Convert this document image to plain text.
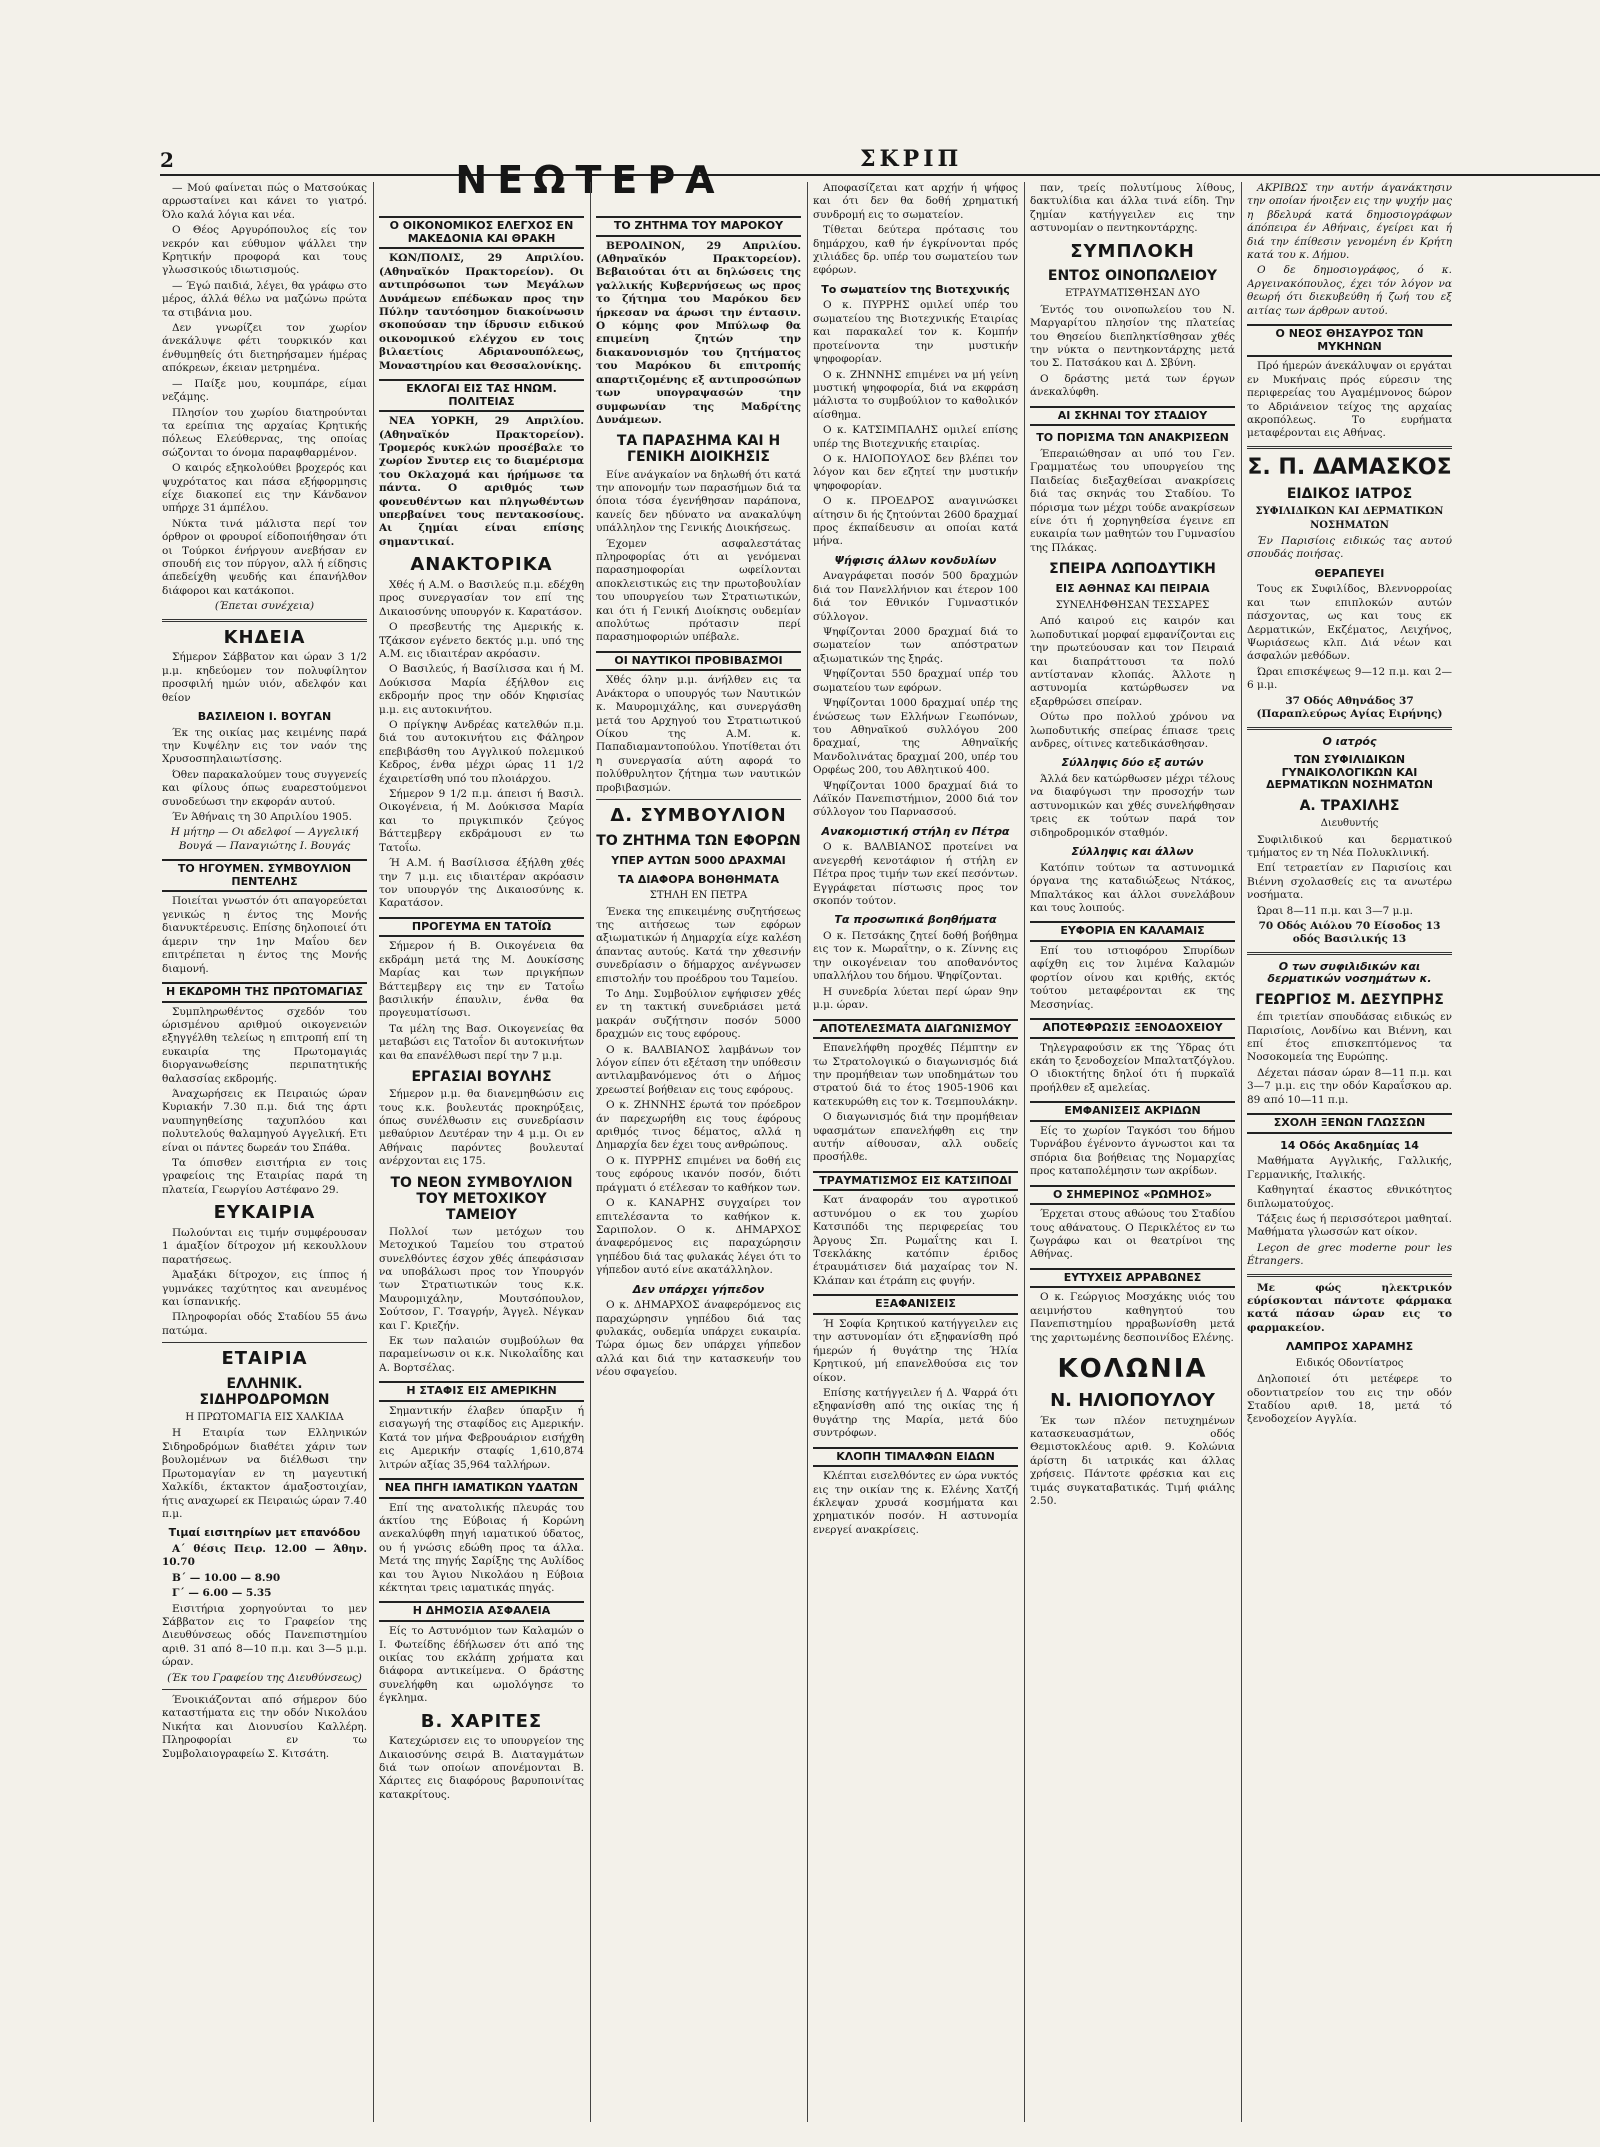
2	ΣΚΡΙΠ
ΝΕΩΤΕΡΑ

— Μού φαίνεται πώς ο Ματσούκας αρρωσταίνει και κάνει το γιατρό. Όλο καλά λόγια και νέα.

Ο Θέος Αργυρόπουλος είς τον νεκρόν και εύθυμον ψάλλει την Κρητικήν προφορά και τους γλωσσικούς ιδιωτισμούς.

— Έγώ παιδιά, λέγει, θα γράφω στο μέρος, άλλά θέλω να μαζώνω πρώτα τα στιβάνια μου.

Δεν γνωρίζει τον χωρίον άνεκάλυψε φέτι τουρκικόν και ένθυμηθείς ότι διετηρήσαμεν ήμέρας απόκρεων, έκειαν μετρημένα.

— Παίξε μου, κουμπάρε, είμαι νεζάμης.

Πλησίον του χωρίου διατηρούνται τα ερείπια της αρχαίας Κρητικής πόλεως Ελεύθερνας, της οποίας σώζονται το όνομα παραφθαρμένον.

Ο καιρός εξηκολούθει βροχερός και ψυχρότατος και πάσα εξήφορμησις είχε διακοπεί εις την Κάνδανον υπήρχε 31 άμπέλου.

Νύκτα τινά μάλιστα περί τον όρθρον οι φρουροί είδοποιήθησαν ότι οι Τούρκοι ένήργουν ανεβήσαν εν σπουδή εις τον πύργον, αλλ ή είδησις άπεδείχθη ψευδής και έπανήλθον διάφοροι και κατάκοποι.

(Έπεται συνέχεια)

ΚΗΔΕΙΑ

Σήμερον Σάββατον και ώραν 3 1/2 μ.μ. κηδεύομεν τον πολυφίλητον προσφιλή ημών υιόν, αδελφόν και θείον

ΒΑΣΙΛΕΙΟΝ Ι. ΒΟΥΓΑΝ

Έκ της οικίας μας κειμένης παρά την Κυψέλην εις τον ναόν της Χρυσοσπηλαιωτίσσης.

Όθεν παρακαλούμεν τους συγγενείς και φίλους όπως ευαρεστούμενοι συνοδεύωσι την εκφοράν αυτού.

Έν Άθήναις τη 30 Απριλίου 1905.

Η μήτηρ — Οι αδελφοί — Αγγελική Βουγά — Παναγιώτης Ι. Βουγάς

ΤΟ ΗΓΟΥΜΕΝ. ΣΥΜΒΟΥΛΙΟΝ ΠΕΝΤΕΛΗΣ

Ποιείται γνωστόν ότι απαγορεύεται γενικώς η έντος της Μονής διανυκτέρευσις. Επίσης δηλοποιεί ότι άμεριν την 1ην Μαΐου δεν επιτρέπεται η έντος της Μονής διαμονή.

Η ΕΚΔΡΟΜΗ ΤΗΣ ΠΡΩΤΟΜΑΓΙΑΣ

Συμπληρωθέντος σχεδόν του ώρισμένου αριθμού οικογενειών εξηγγέλθη τελείως η επιτροπή επί τη ευκαιρία της Πρωτομαγιάς διοργανωθείσης περιπατητικής θαλασσίας εκδρομής.

Άναχωρήσεις εκ Πειραιώς ώραν Κυριακήν 7.30 π.μ. διά της άρτι ναυπηγηθείσης ταχυπλόου και πολυτελούς θαλαμηγού Αγγελική. Ετι είναι οι πάντες δωρεάν του Σπάθα.

Τα όπισθεν εισιτήρια εν τοις γραφείοις της Εταιρίας παρά τη πλατεία, Γεωργίου Αστέφανο 29.

ΕΥΚΑΙΡΙΑ

Πωλούνται εις τιμήν συμφέρουσαν 1 άμαξίον δίτροχον μή κεκουλλουν παρατήσεως.

Άμαξάκι δίτροχον, εις ίππος ή γυμνάκες ταχύτητος και ανευμένος και ίσπανικής.

Πληροφορίαι οδός Σταδίου 55 άνω πατώμα.

ΕΤΑΙΡΙΑ
ΕΛΛΗΝΙΚ. ΣΙΔΗΡΟΔΡΟΜΩΝ
Η ΠΡΩΤΟΜΑΓΙΑ ΕΙΣ ΧΑΛΚΙΔΑ

Η Εταιρία των Ελληνικών Σιδηροδρόμων διαθέτει χάριν των βουλομένων να διέλθωσι την Πρωτομαγίαν εν τη μαγευτική Χαλκίδι, έκτακτον άμαξοστοιχίαν, ήτις αναχωρεί εκ Πειραιώς ώραν 7.40 π.μ.

Τιμαί εισιτηρίων μετ επανόδου

Α΄ θέσις Πειρ. 12.00 — Άθην. 10.70

Β΄ — 10.00 — 8.90

Γ΄ — 6.00 — 5.35

Εισιτήρια χορηγούνται το μεν Σάββατον εις το Γραφείον της Διευθύνσεως οδός Πανεπιστημίου αριθ. 31 από 8—10 π.μ. και 3—5 μ.μ. ώραν.

(Έκ του Γραφείου της Διευθύνσεως)

Ένοικιάζονται από σήμερον δύο καταστήματα εις την οδόν Νικολάου Νικήτα και Διονυσίου Καλλέρη. Πληροφορίαι εν τω Συμβολαιογραφείω Σ. Κιτσάτη.

Ο ΟΙΚΟΝΟΜΙΚΟΣ ΕΛΕΓΧΟΣ ΕΝ ΜΑΚΕΔΟΝΙΑ ΚΑΙ ΘΡΑΚΗ

ΚΩΝ/ΠΟΛΙΣ, 29 Απριλίου. (Αθηναϊκόν Πρακτορείον). Οι αντιπρόσωποι των Μεγάλων Δυνάμεων επέδωκαν προς την Πύλην ταυτόσημον διακοίνωσιν σκοπούσαν την ίδρυσιν ειδικού οικονομικού ελέγχου εν τοις βιλαετίοις Αδριανουπόλεως, Μοναστηρίου και Θεσσαλονίκης.

ΕΚΛΟΓΑΙ ΕΙΣ ΤΑΣ ΗΝΩΜ. ΠΟΛΙΤΕΙΑΣ

ΝΕΑ ΥΟΡΚΗ, 29 Απριλίου. (Αθηναϊκόν Πρακτορείον). Τρομερός κυκλών προσέβαλε το χωρίον Σνυτερ εις το διαμέρισμα του Οκλαχομά και ήρήμωσε τα πάντα. Ο αριθμός των φονευθέντων και πληγωθέντων υπερβαίνει τους πεντακοσίους. Αι ζημίαι είναι επίσης σημαντικαί.

ΑΝΑΚΤΟΡΙΚΑ

Χθές ή Α.Μ. ο Βασιλεύς π.μ. εδέχθη προς συνεργασίαν τον επί της Δικαιοσύνης υπουργόν κ. Καρατάσον.

Ο πρεσβευτής της Αμερικής κ. Τζάκσον εγένετο δεκτός μ.μ. υπό της Α.Μ. εις ιδιαιτέραν ακρόασιν.

Ο Βασιλεύς, ή Βασίλισσα και ή Μ. Δούκισσα Μαρία έξήλθον εις εκδρομήν προς την οδόν Κηφισίας μ.μ. εις αυτοκινήτου.

Ο πρίγκηψ Ανδρέας κατελθών π.μ. διά του αυτοκινήτου εις Φάληρον επεβιβάσθη του Αγγλικού πολεμικού Κεδρος, ένθα μέχρι ώρας 11 1/2 έχαιρετίσθη υπό του πλοιάρχου.

Σήμερον 9 1/2 π.μ. άπεισι ή Βασιλ. Οικογένεια, ή Μ. Δούκισσα Μαρία και το πριγκιπικόν ζεύγος Βάττεμβεργ εκδράμουσι εν τω Τατοΐω.

Ή Α.Μ. ή Βασίλισσα έξήλθη χθές την 7 μ.μ. εις ιδιαιτέραν ακρόασιν τον υπουργόν της Δικαιοσύνης κ. Καρατάσον.

ΠΡΟΓΕΥΜΑ ΕΝ ΤΑΤΟΪΩ

Σήμερον ή Β. Οικογένεια θα εκδράμη μετά της Μ. Δουκίσσης Μαρίας και των πριγκήπων Βάττεμβεργ εις την εν Τατοΐω βασιλικήν έπαυλιν, ένθα θα προγευματίσωσι.

Τα μέλη της Βασ. Οικογενείας θα μεταβώσι εις Τατοΐον δι αυτοκινήτων και θα επανέλθωσι περί την 7 μ.μ.

ΕΡΓΑΣΙΑΙ ΒΟΥΛΗΣ

Σήμερον μ.μ. θα διανεμηθώσιν εις τους κ.κ. βουλευτάς προκηρύξεις, όπως συνέλθωσιν εις συνεδρίασιν μεθαύριον Δευτέραν την 4 μ.μ. Οι εν Αθήναις παρόντες βουλευταί ανέρχονται εις 175.

ΤΟ ΝΕΟΝ ΣΥΜΒΟΥΛΙΟΝ ΤΟΥ ΜΕΤΟΧΙΚΟΥ ΤΑΜΕΙΟΥ

Πολλοί των μετόχων του Μετοχικού Ταμείου του στρατού συνελθόντες έσχον χθές άπεφάσισαν να υποβάλωσι προς τον Υπουργόν των Στρατιωτικών τους κ.κ. Μαυρομιχάλην, Μουτσόπουλον, Σούτσον, Γ. Τσαγρήν, Άγγελ. Νέγκαν και Γ. Κριεζήν.

Εκ των παλαιών συμβούλων θα παραμείνωσιν οι κ.κ. Νικολαΐδης και Α. Βορτσέλας.

Η ΣΤΑΦΙΣ ΕΙΣ ΑΜΕΡΙΚΗΝ

Σημαντικήν έλαβεν ύπαρξιν ή εισαγωγή της σταφίδος εις Αμερικήν. Κατά τον μήνα Φεβρουάριον εισήχθη εις Αμερικήν σταφίς 1,610,874 λιτρών αξίας 35,964 ταλλήρων.

ΝΕΑ ΠΗΓΗ ΙΑΜΑΤΙΚΩΝ ΥΔΑΤΩΝ

Επί της ανατολικής πλευράς του άκτίου της Εύβοιας ή Κορώνη ανεκαλύφθη πηγή ιαματικού ύδατος, ου ή γνώσις εδώθη προς τα άλλα. Μετά της πηγής Σαρίξης της Αυλίδος και του Άγιου Νικολάου η Εύβοια κέκτηται τρεις ιαματικάς πηγάς.

Η ΔΗΜΟΣΙΑ ΑΣΦΑΛΕΙΑ

Είς το Αστυνόμιον των Καλαμών ο Ι. Φωτείδης έδήλωσεν ότι από της οικίας του εκλάπη χρήματα και διάφορα αντικείμενα. Ο δράστης συνελήφθη και ωμολόγησε το έγκλημα.

Β. ΧΑΡΙΤΕΣ

Κατεχώρισεν εις το υπουργείον της Δικαιοσύνης σειρά Β. Διαταγμάτων διά των οποίων απονέμονται Β. Χάριτες εις διαφόρους βαρυποινίτας κατακρίτους.

ΤΟ ΖΗΤΗΜΑ ΤΟΥ ΜΑΡΟΚΟΥ

ΒΕΡΟΛΙΝΟΝ, 29 Απριλίου. (Αθηναϊκόν Πρακτορείον). Βεβαιούται ότι αι δηλώσεις της γαλλικής Κυβερνήσεως ως προς το ζήτημα του Μαρόκου δεν ήρκεσαν να άρωσι την έντασιν. Ο κόμης φον Μπύλωφ θα επιμείνη ζητών την διακανονισμόν του ζητήματος του Μαρόκου δι επιτροπής απαρτιζομένης εξ αντιπροσώπων των υπογραψασών την συμφωνίαν της Μαδρίτης Δυνάμεων.

ΤΑ ΠΑΡΑΣΗΜΑ ΚΑΙ Η ΓΕΝΙΚΗ ΔΙΟΙΚΗΣΙΣ

Είνε ανάγκαίον να δηλωθή ότι κατά την απονομήν των παρασήμων διά τα όποια τόσα έγενήθησαν παράπονα, κανείς δεν ηδύνατο να ανακαλύψη υπάλληλον της Γενικής Διοικήσεως.

Έχομεν ασφαλεστάτας πληροφορίας ότι αι γενόμεναι παρασημοφορίαι ωφείλονται αποκλειστικώς εις την πρωτοβουλίαν του υπουργείου των Στρατιωτικών, και ότι ή Γενική Διοίκησις ουδεμίαν απολύτως πρότασιν περί παρασημοφοριών υπέβαλε.

ΟΙ ΝΑΥΤΙΚΟΙ ΠΡΟΒΙΒΑΣΜΟΙ

Χθές όλην μ.μ. άνήλθεν εις τα Ανάκτορα ο υπουργός των Ναυτικών κ. Μαυρομιχάλης, και συνεργάσθη μετά του Αρχηγού του Στρατιωτικού Οίκου της Α.Μ. κ. Παπαδιαμαντοπούλου. Υποτίθεται ότι η συνεργασία αύτη αφορά το πολύθρυλητον ζήτημα των ναυτικών προβιβασμών.

Δ. ΣΥΜΒΟΥΛΙΟΝ
ΤΟ ΖΗΤΗΜΑ ΤΩΝ ΕΦΟΡΩΝ
ΥΠΕΡ ΑΥΤΩΝ 5000 ΔΡΑΧΜΑΙ
ΤΑ ΔΙΑΦΟΡΑ ΒΟΗΘΗΜΑΤΑ
ΣΤΗΛΗ ΕΝ ΠΕΤΡΑ

Ένεκα της επικειμένης συζητήσεως της αιτήσεως των εφόρων αξιωματικών ή Δημαρχία είχε καλέση άπαντας αυτούς. Κατά την χθεσινήν συνεδρίασιν ο δήμαρχος ανέγνωσεν επιστολήν του προέδρου του Ταμείου.

Το Δημ. Συμβούλιον εψήφισεν χθές εν τη τακτική συνεδριάσει μετά μακράν συζήτησιν ποσόν 5000 δραχμών εις τους εφόρους.

Ο κ. ΒΑΛΒΙΑΝΟΣ λαμβάνων τον λόγον είπεν ότι εξέταση την υπόθεσιν αντιλαμβανόμενος ότι ο Δήμος χρεωστεί βοήθειαν εις τους εφόρους.

Ο κ. ΖΗΝΝΗΣ έρωτά τον πρόεδρον άν παρεχωρήθη εις τους έφόρους αριθμός τινος δέματος, αλλά η Δημαρχία δεν έχει τους ανθρώπους.

Ο κ. ΠΥΡΡΗΣ επιμένει να δοθή εις τους εφόρους ικανόν ποσόν, διότι πράγματι ό ετέλεσαν το καθήκον των.

Ο κ. ΚΑΝΑΡΗΣ συγχαίρει τον επιτελέσαντα το καθήκον κ. Σαριπολον. Ο κ. ΔΗΜΑΡΧΟΣ άναφερόμενος εις παραχώρησιν γηπέδου διά τας φυλακάς λέγει ότι το γήπεδον αυτό είνε ακατάλληλον.

Δεν υπάρχει γήπεδον

Ο κ. ΔΗΜΑΡΧΟΣ άναφερόμενος εις παραχώρησιν γηπέδου διά τας φυλακάς, ουδεμία υπάρχει ευκαιρία. Τώρα όμως δεν υπάρχει γήπεδον αλλά και διά την κατασκευήν του νέου σφαγείου.

Αποφασίζεται κατ αρχήν ή ψήφος και ότι δεν θα δοθή χρηματική συνδρομή εις το σωματείον.

Τίθεται δεύτερα πρότασις του δημάρχου, καθ ήν έγκρίνονται πρός χιλιάδες δρ. υπέρ του σωματείου των εφόρων.

Το σωματείον της Βιοτεχνικής

Ο κ. ΠΥΡΡΗΣ ομιλεί υπέρ του σωματείου της Βιοτεχνικής Εταιρίας και παρακαλεί τον κ. Κομπήν προτείνοντα την μυστικήν ψηφοφορίαν.

Ο κ. ΖΗΝΝΗΣ επιμένει να μή γείνη μυστική ψηφοφορία, διά να εκφράση μάλιστα το συμβούλιον το καθολικόν αίσθημα.

Ο κ. ΚΑΤΣΙΜΠΑΛΗΣ ομιλεί επίσης υπέρ της Βιοτεχνικής εταιρίας.

Ο κ. ΗΛΙΟΠΟΥΛΟΣ δεν βλέπει τον λόγον και δεν εζητεί την μυστικήν ψηφοφορίαν.

Ο κ. ΠΡΟΕΔΡΟΣ αναγινώσκει αίτησιν δι ής ζητούνται 2600 δραχμαί προς έκπαίδευσιν αι οποίαι κατά μήνα.

Ψήφισις άλλων κονδυλίων

Αναγράφεται ποσόν 500 δραχμών διά τον Πανελλήνιον και έτερον 100 διά τον Εθνικόν Γυμναστικόν σύλλογον.

Ψηφίζονται 2000 δραχμαί διά το σωματείον των απόστρατων αξιωματικών της ξηράς.

Ψηφίζονται 550 δραχμαί υπέρ του σωματείου των εφόρων.

Ψηφίζονται 1000 δραχμαί υπέρ της ένώσεως των Ελλήνων Γεωπόνων, του Αθηναϊκού συλλόγου 200 δραχμαί, της Αθηναϊκής Μανδολινάτας δραχμαί 200, υπέρ του Ορφέως 200, του Αθλητικού 400.

Ψηφίζονται 1000 δραχμαί διά το Λάϊκόν Πανεπιστήμιον, 2000 διά τον σύλλογον του Παρνασσού.

Ανακομιστική στήλη εν Πέτρα

Ο κ. ΒΑΛΒΙΑΝΟΣ προτείνει να ανεγερθή κενοτάφιον ή στήλη εν Πέτρα προς τιμήν των εκεί πεσόντων. Εγγράφεται πίστωσις προς τον σκοπόν τούτον.

Τα προσωπικά βοηθήματα

Ο κ. Πετσάκης ζητεί δοθή βοήθημα εις τον κ. Μωραΐτην, ο κ. Ζίννης εις την οικογένειαν του αποθανόντος υπαλλήλου του δήμου. Ψηφίζονται.

Η συνεδρία λύεται περί ώραν 9ην μ.μ. ώραν.

ΑΠΟΤΕΛΕΣΜΑΤΑ ΔΙΑΓΩΝΙΣΜΟΥ

Επανελήφθη προχθές Πέμπτην εν τω Στρατολογικώ ο διαγωνισμός διά την προμήθειαν των υποδημάτων του στρατού διά το έτος 1905-1906 και κατεκυρώθη εις τον κ. Τσεμπουλάκην.

Ο διαγωνισμός διά την προμήθειαν υφασμάτων επανελήφθη εις την αυτήν αίθουσαν, αλλ ουδείς προσήλθε.

ΤΡΑΥΜΑΤΙΣΜΟΣ ΕΙΣ ΚΑΤΣΙΠΟΔΙ

Κατ άναφοράν του αγροτικού αστυνόμου ο εκ του χωρίου Κατσιπόδι της περιφερείας του Άργους Σπ. Ρωμαΐτης και Ι. Τσεκλάκης κατόπιν έριδος έτραυμάτισεν διά μαχαίρας τον Ν. Κλάπαν και έτράπη εις φυγήν.

ΕΞΑΦΑΝΙΣΕΙΣ

Ή Σοφία Κρητικού κατήγγειλεν εις την αστυνομίαν ότι εξηφανίσθη πρό ήμερών ή θυγάτηρ της Ήλία Κρητικού, μή επανελθούσα εις τον οίκον.

Επίσης κατήγγειλεν ή Δ. Ψαρρά ότι εξηφανίσθη από της οικίας της ή θυγάτηρ της Μαρία, μετά δύο συντρόφων.

ΚΛΟΠΗ ΤΙΜΑΛΦΩΝ ΕΙΔΩΝ

Κλέπται εισελθόντες εν ώρα νυκτός εις την οικίαν της κ. Ελένης Χατζή έκλεψαν χρυσά κοσμήματα και χρηματικόν ποσόν. Η αστυνομία ενεργεί ανακρίσεις.

παν, τρείς πολυτίμους λίθους, δακτυλίδια και άλλα τινά είδη. Την ζημίαν κατήγγειλεν εις την αστυνομίαν ο πεντηκοντάρχης.

ΣΥΜΠΛΟΚΗ
ΕΝΤΟΣ ΟΙΝΟΠΩΛΕΙΟΥ
ΕΤΡΑΥΜΑΤΙΣΘΗΣΑΝ ΔΥΟ

Έντός του οινοπωλείου του Ν. Μαργαρίτου πλησίον της πλατείας του Θησείου διεπληκτίσθησαν χθές την νύκτα ο πεντηκοντάρχης μετά του Σ. Πατσάκου και Δ. Σβύνη.

Ο δράστης μετά των έργων άνεκαλύφθη.

ΑΙ ΣΚΗΝΑΙ ΤΟΥ ΣΤΑΔΙΟΥ
ΤΟ ΠΟΡΙΣΜΑ ΤΩΝ ΑΝΑΚΡΙΣΕΩΝ

Έπεραιώθησαν αι υπό του Γεν. Γραμματέως του υπουργείου της Παιδείας διεξαχθείσαι ανακρίσεις διά τας σκηνάς του Σταδίου. Το πόρισμα των μέχρι τούδε ανακρίσεων είνε ότι ή χορηγηθείσα έγεινε επ ευκαιρία των μαθητών του Γυμνασίου της Πλάκας.

ΣΠΕΙΡΑ ΛΩΠΟΔΥΤΙΚΗ
ΕΙΣ ΑΘΗΝΑΣ ΚΑΙ ΠΕΙΡΑΙΑ
ΣΥΝΕΛΗΦΘΗΣΑΝ ΤΕΣΣΑΡΕΣ

Από καιρού εις καιρόν και λωποδυτικαί μορφαί εμφανίζονται εις την πρωτεύουσαν και τον Πειραιά και διαπράττουσι τα πολύ αντίσταναν κλοπάς. Άλλοτε η αστυνομία κατώρθωσεν να εξαρθρώσει σπείραν.

Ούτω προ πολλού χρόνου να λωποδυτικής σπείρας έπιασε τρεις ανδρες, οίτινες κατεδικάσθησαν.

Σύλληψις δύο εξ αυτών

Άλλά δεν κατώρθωσεν μέχρι τέλους να διαφύγωσι την προσοχήν των αστυνομικών και χθές συνελήφθησαν τρεις εκ τούτων παρά τον σιδηροδρομικόν σταθμόν.

Σύλληψις και άλλων

Κατόπιν τούτων τα αστυνομικά όργανα της καταδιώξεως Ντάκος, Μπαλτάκος και άλλοι συνελάβουν και τους λοιπούς.

ΕΥΦΟΡΙΑ ΕΝ ΚΑΛΑΜΑΙΣ

Επί του ιστιοφόρου Σπυρίδων αφίχθη εις τον λιμένα Καλαμών φορτίον οίνου και κριθής, εκτός τούτου μεταφέρονται εκ της Μεσσηνίας.

ΑΠΟΤΕΦΡΩΣΙΣ ΞΕΝΟΔΟΧΕΙΟΥ

Τηλεγραφούσιν εκ της Ύδρας ότι εκάη το ξενοδοχείον Μπαλτατζόγλου. Ο ιδιοκτήτης δηλοί ότι ή πυρκαϊά προήλθεν εξ αμελείας.

ΕΜΦΑΝΙΣΕΙΣ ΑΚΡΙΔΩΝ

Είς το χωρίον Ταγκόσι του δήμου Τυρνάβου έγένοντο άγνωστοι και τα σπόρια δια βοήθειας της Νομαρχίας προς καταπολέμησιν των ακρίδων.

Ο ΣΗΜΕΡΙΝΟΣ «ΡΩΜΗΟΣ»

Έρχεται στους αθώους του Σταδίου τους αθάνατους. Ο Περικλέτος εν τω ζωγράφω και οι θεατρίνοι της Αθήνας.

ΕΥΤΥΧΕΙΣ ΑΡΡΑΒΩΝΕΣ

Ο κ. Γεώργιος Μοσχάκης υιός του αειμνήστου καθηγητού του Πανεπιστημίου ηρραβωνίσθη μετά της χαριτωμένης δεσποινίδος Ελένης.

ΚΟΛΩΝΙΑ
Ν. ΗΛΙΟΠΟΥΛΟΥ

Έκ των πλέον πετυχημένων κατασκευασμάτων, οδός Θεμιστοκλέους αριθ. 9. Κολώνια άρίστη δι ιατρικάς και άλλας χρήσεις. Πάντοτε φρέσκια και εις τιμάς συγκαταβατικάς. Τιμή φιάλης 2.50.

ΑΚΡΙΒΩΣ την αυτήν άγανάκτησιν την οποίαν ήνοιξεν εις την ψυχήν μας η βδελυρά κατά δημοσιογράφων άπόπειρα έν Αθήναις, έγείρει και ή διά την έπίθεσιν γενομένη έν Κρήτη κατά του κ. Δήμου.

Ο δε δημοσιογράφος, ό κ. Αργεινακόπουλος, έχει τόν λόγον να θεωρή ότι διεκυβεύθη ή ζωή του εξ αιτίας των άρθρων αυτού.

Ο ΝΕΟΣ ΘΗΣΑΥΡΟΣ ΤΩΝ ΜΥΚΗΝΩΝ

Πρό ήμερών άνεκάλυψαν οι εργάται εν Μυκήναις πρός εύρεσιν της περιφερείας του Αγαμέμνονος δώρον το Αδριάνειον τείχος της αρχαίας ακροπόλεως. Το ευρήματα μεταφέρονται εις Αθήνας.

Σ. Π. ΔΑΜΑΣΚΟΣ
ΕΙΔΙΚΟΣ ΙΑΤΡΟΣ
ΣΥΦΙΛΙΔΙΚΩΝ ΚΑΙ ΔΕΡΜΑΤΙΚΩΝ ΝΟΣΗΜΑΤΩΝ

Έν Παρισίοις ειδικώς τας αυτού σπουδάς ποιήσας.

ΘΕΡΑΠΕΥΕΙ

Τους εκ Συφιλίδος, Βλεννορροίας και των επιπλοκών αυτών πάσχοντας, ως και τους εκ Δερματικών, Εκζέματος, Λειχήνος, Ψωριάσεως κλπ. Διά νέων και άσφαλών μεθόδων.

Ώραι επισκέψεως 9—12 π.μ. και 2—6 μ.μ.

37 Οδός Αθηνάδος 37 (Παραπλεύρως Αγίας Ειρήνης)

Ο ιατρός
ΤΩΝ ΣΥΦΙΛΙΔΙΚΩΝ ΓΥΝΑΙΚΟΛΟΓΙΚΩΝ ΚΑΙ ΔΕΡΜΑΤΙΚΩΝ ΝΟΣΗΜΑΤΩΝ
Α. ΤΡΑΧΙΛΗΣ
Διευθυντής

Συφιλιδικού και δερματικού τμήματος εν τη Νέα Πολυκλινική.

Επί τετραετίαν εν Παρισίοις και Βιέννη σχολασθείς εις τα ανωτέρω νοσήματα.

Ώραι 8—11 π.μ. και 3—7 μ.μ.

70 Οδός Αιόλου 70 Είσοδος 13 οδός Βασιλικής 13

Ο των συφιλιδικών και δερματικών νοσημάτων κ.
ΓΕΩΡΓΙΟΣ Μ. ΔΕΣΥΠΡΗΣ

έπι τριετίαν σπουδάσας ειδικώς εν Παρισίοις, Λονδίνω και Βιέννη, και επί έτος επισκεπτόμενος τα Νοσοκομεία της Ευρώπης.

Δέχεται πάσαν ώραν 8—11 π.μ. και 3—7 μ.μ. εις την οδόν Καραΐσκου αρ. 89 από 10—11 π.μ.

ΣΧΟΛΗ ΞΕΝΩΝ ΓΛΩΣΣΩΝ
14 Οδός Ακαδημίας 14

Μαθήματα Αγγλικής, Γαλλικής, Γερμανικής, Ιταλικής.

Καθηγηταί έκαστος εθνικότητος διπλωματούχος.

Τάξεις έως ή περισσότεροι μαθηταί. Μαθήματα γλωσσών κατ οίκον.

Leçon de grec moderne pour les Étrangers.

Με φώς ηλεκτρικόν εύρίσκονται πάντοτε φάρμακα κατά πάσαν ώραν εις το φαρμακείον.

ΛΑΜΠΡΟΣ ΧΑΡΑΜΗΣ
Ειδικός Οδοντίατρος

Δηλοποιεί ότι μετέφερε το οδοντιατρείον του εις την οδόν Σταδίου αριθ. 18, μετά τό ξενοδοχείον Αγγλία.
